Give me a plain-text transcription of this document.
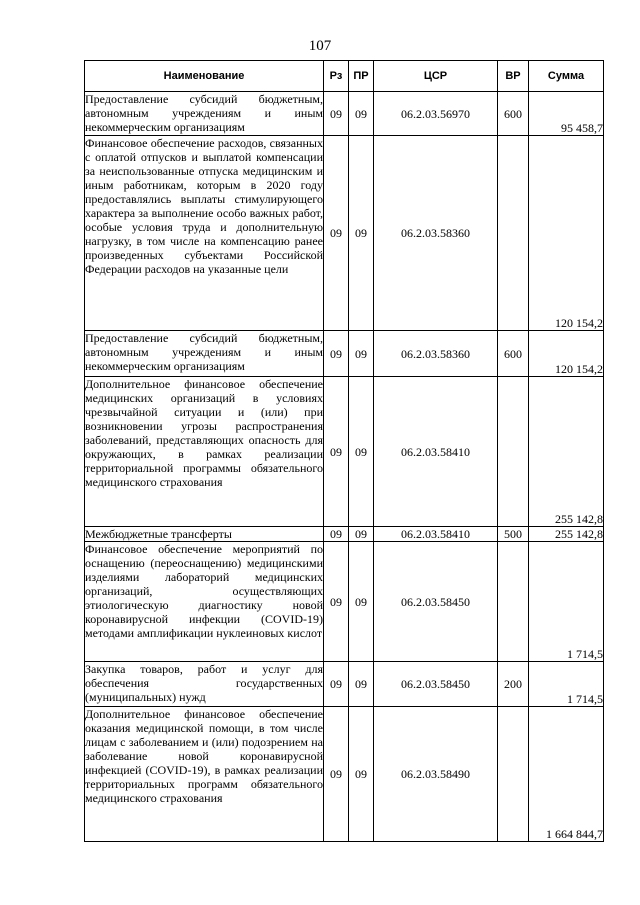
107
Наименование	Рз	ПР	ЦСР	ВР	Сумма
Предоставление субсидий бюджетным, автономным учреждениям и иным некоммерческим организациям	09	09	06.2.03.56970	600	95 458,7
Финансовое обеспечение расходов, связанных с оплатой отпусков и выплатой компенсации за неиспользованные отпуска медицинским и иным работникам, которым в 2020 году предоставлялись выплаты стимулирующего характера за выполнение особо важных работ, особые условия труда и дополнительную нагрузку, в том числе на компенсацию ранее произведенных субъектами Российской Федерации расходов на указанные цели	09	09	06.2.03.58360		120 154,2
Предоставление субсидий бюджетным, автономным учреждениям и иным некоммерческим организациям	09	09	06.2.03.58360	600	120 154,2
Дополнительное финансовое обеспечение медицинских организаций в условиях чрезвычайной ситуации и (или) при возникновении угрозы распространения заболеваний, представляющих опасность для окружающих, в рамках реализации территориальной программы обязательного медицинского страхования	09	09	06.2.03.58410		255 142,8
Межбюджетные трансферты	09	09	06.2.03.58410	500	255 142,8
Финансовое обеспечение мероприятий по оснащению (переоснащению) медицинскими изделиями лабораторий медицинских организаций, осуществляющих этиологическую диагностику новой коронавирусной инфекции (COVID-19) методами амплификации нуклеиновых кислот	09	09	06.2.03.58450		1 714,5
Закупка товаров, работ и услуг для обеспечения государственных (муниципальных) нужд	09	09	06.2.03.58450	200	1 714,5
Дополнительное финансовое обеспечение оказания медицинской помощи, в том числе лицам с заболеванием и (или) подозрением на заболевание новой коронавирусной инфекцией (COVID-19), в рамках реализации территориальных программ обязательного медицинского страхования	09	09	06.2.03.58490		1 664 844,7
